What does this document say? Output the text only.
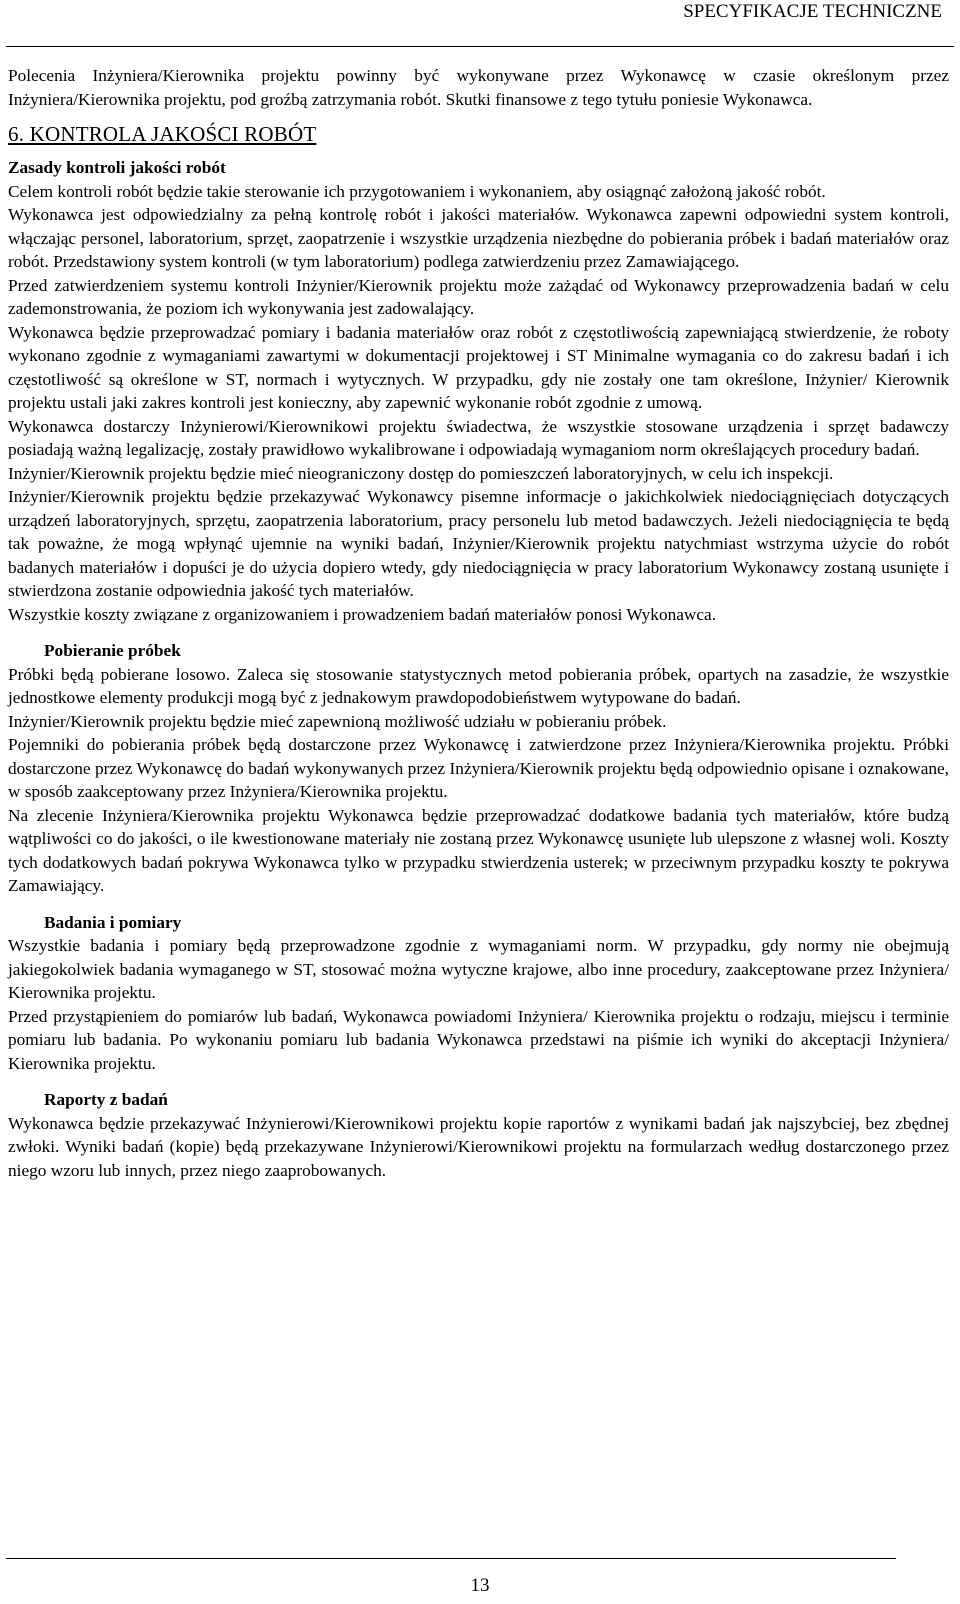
SPECYFIKACJE TECHNICZNE

Polecenia Inżyniera/Kierownika projektu powinny być wykonywane przez Wykonawcę w czasie określonym przez Inżyniera/Kierownika projektu, pod groźbą zatrzymania robót. Skutki finansowe z tego tytułu poniesie Wykonawca.

6. KONTROLA JAKOŚCI ROBÓT

Zasady kontroli jakości robót

Celem kontroli robót będzie takie sterowanie ich przygotowaniem i wykonaniem, aby osiągnąć założoną jakość robót.

Wykonawca jest odpowiedzialny za pełną kontrolę robót i jakości materiałów. Wykonawca zapewni odpowiedni system kontroli, włączając personel, laboratorium, sprzęt, zaopatrzenie i wszystkie urządzenia niezbędne do pobierania próbek i badań materiałów oraz robót. Przedstawiony system kontroli (w tym laboratorium) podlega zatwierdzeniu przez Zamawiającego.

Przed zatwierdzeniem systemu kontroli Inżynier/Kierownik projektu może zażądać od Wykonawcy przeprowadzenia badań w celu zademonstrowania, że poziom ich wykonywania jest zadowalający.

Wykonawca będzie przeprowadzać pomiary i badania materiałów oraz robót z częstotliwością zapewniającą stwierdzenie, że roboty wykonano zgodnie z wymaganiami zawartymi w dokumentacji projektowej i ST Minimalne wymagania co do zakresu badań i ich częstotliwość są określone w ST, normach i wytycznych. W przypadku, gdy nie zostały one tam określone, Inżynier/ Kierownik projektu ustali jaki zakres kontroli jest konieczny, aby zapewnić wykonanie robót zgodnie z umową.

Wykonawca dostarczy Inżynierowi/Kierownikowi projektu świadectwa, że wszystkie stosowane urządzenia i sprzęt badawczy posiadają ważną legalizację, zostały prawidłowo wykalibrowane i odpowiadają wymaganiom norm określających procedury badań.

Inżynier/Kierownik projektu będzie mieć nieograniczony dostęp do pomieszczeń laboratoryjnych, w celu ich inspekcji.

Inżynier/Kierownik projektu będzie przekazywać Wykonawcy pisemne informacje o jakichkolwiek niedociągnięciach dotyczących urządzeń laboratoryjnych, sprzętu, zaopatrzenia laboratorium, pracy personelu lub metod badawczych. Jeżeli niedociągnięcia te będą tak poważne, że mogą wpłynąć ujemnie na wyniki badań, Inżynier/Kierownik projektu natychmiast wstrzyma użycie do robót badanych materiałów i dopuści je do użycia dopiero wtedy, gdy niedociągnięcia w pracy laboratorium Wykonawcy zostaną usunięte i stwierdzona zostanie odpowiednia jakość tych materiałów.

Wszystkie koszty związane z organizowaniem i prowadzeniem badań materiałów ponosi Wykonawca.

Pobieranie próbek

Próbki będą pobierane losowo. Zaleca się stosowanie statystycznych metod pobierania próbek, opartych na zasadzie, że wszystkie jednostkowe elementy produkcji mogą być z jednakowym prawdopodobieństwem wytypowane do badań.

Inżynier/Kierownik projektu będzie mieć zapewnioną możliwość udziału w pobieraniu próbek.

Pojemniki do pobierania próbek będą dostarczone przez Wykonawcę i zatwierdzone przez Inżyniera/Kierownika projektu. Próbki dostarczone przez Wykonawcę do badań wykonywanych przez Inżyniera/Kierownik projektu będą odpowiednio opisane i oznakowane, w sposób zaakceptowany przez Inżyniera/Kierownika projektu.

Na zlecenie Inżyniera/Kierownika projektu Wykonawca będzie przeprowadzać dodatkowe badania tych materiałów, które budzą wątpliwości co do jakości, o ile kwestionowane materiały nie zostaną przez Wykonawcę usunięte lub ulepszone z własnej woli. Koszty tych dodatkowych badań pokrywa Wykonawca tylko w przypadku stwierdzenia usterek; w przeciwnym przypadku koszty te pokrywa Zamawiający.

Badania i pomiary

Wszystkie badania i pomiary będą przeprowadzone zgodnie z wymaganiami norm. W przypadku, gdy normy nie obejmują jakiegokolwiek badania wymaganego w ST, stosować można wytyczne krajowe, albo inne procedury, zaakceptowane przez Inżyniera/ Kierownika projektu.

Przed przystąpieniem do pomiarów lub badań, Wykonawca powiadomi Inżyniera/ Kierownika projektu o rodzaju, miejscu i terminie pomiaru lub badania. Po wykonaniu pomiaru lub badania Wykonawca przedstawi na piśmie ich wyniki do akceptacji Inżyniera/ Kierownika projektu.

Raporty z badań

Wykonawca będzie przekazywać Inżynierowi/Kierownikowi projektu kopie raportów z wynikami badań jak najszybciej, bez zbędnej zwłoki. Wyniki badań (kopie) będą przekazywane Inżynierowi/Kierownikowi projektu na formularzach według dostarczonego przez niego wzoru lub innych, przez niego zaaprobowanych.

13
